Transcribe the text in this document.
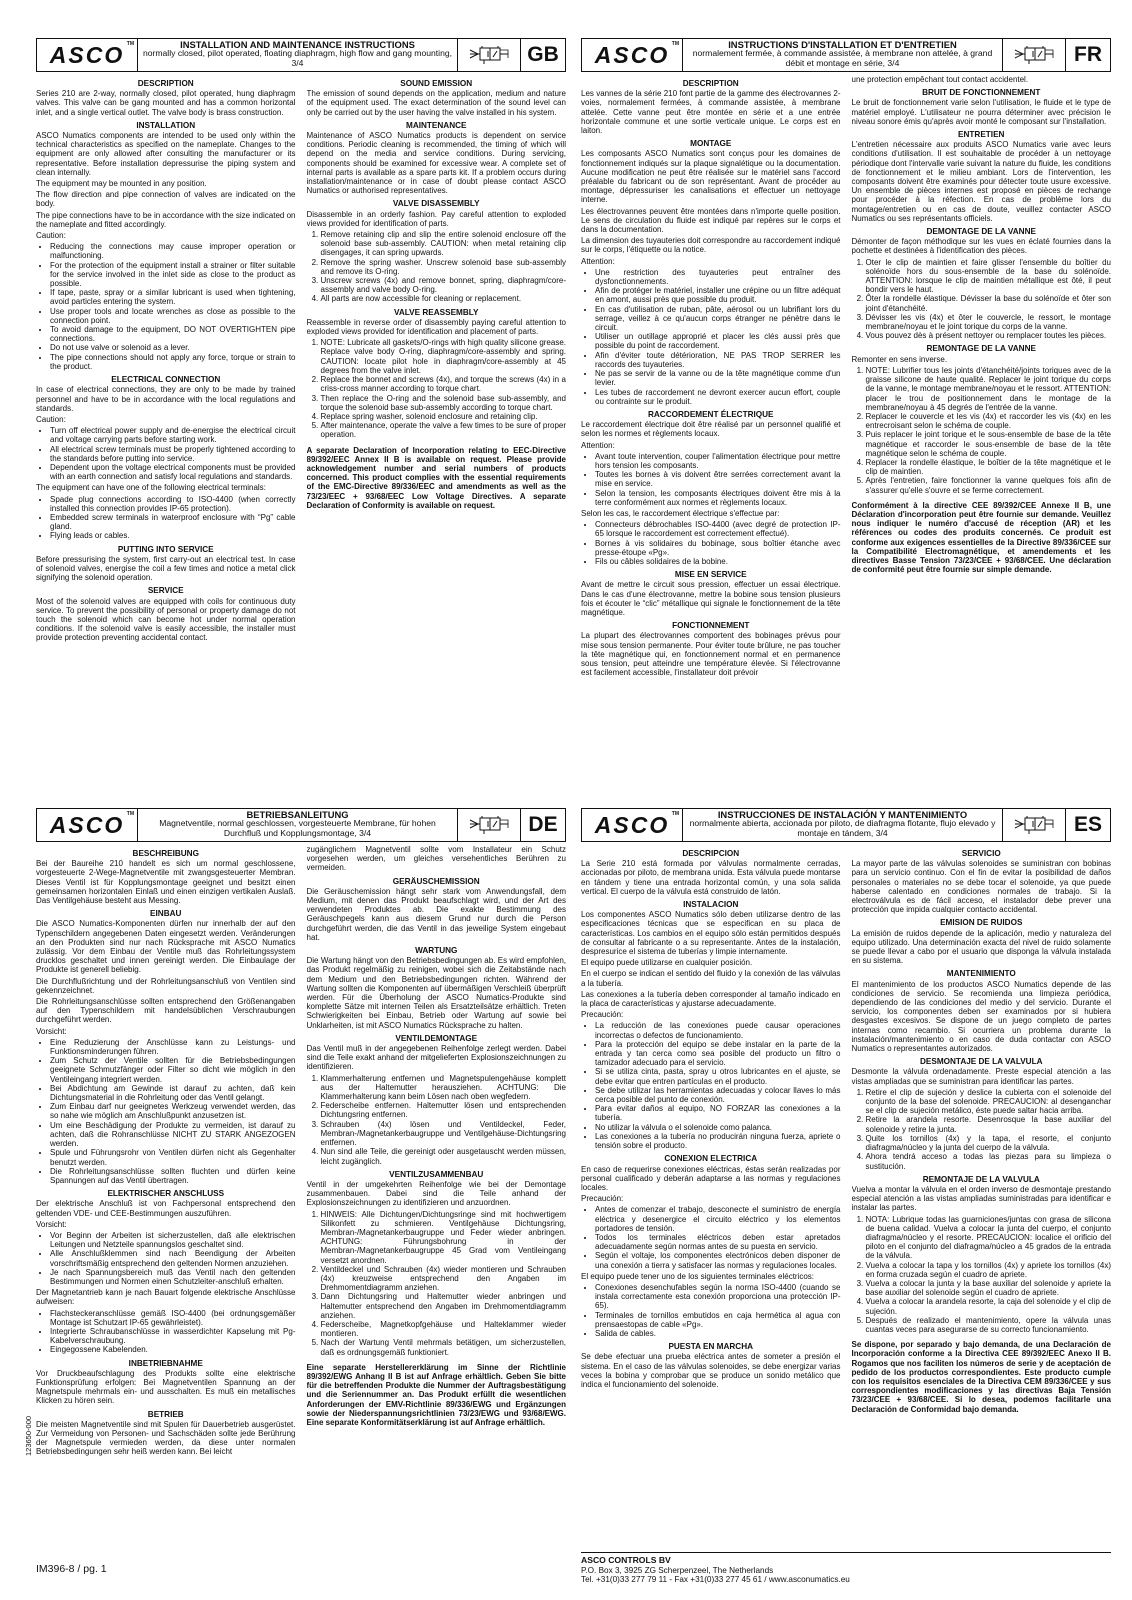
ASCO TM	INSTALLATION AND MAINTENANCE INSTRUCTIONS
normally closed, pilot operated, floating diaphragm, high flow and gang mounting, 3/4	GB
DESCRIPTION

Series 210 are 2-way, normally closed, pilot operated, hung diaphragm valves. This valve can be gang mounted and has a common horizontal inlet, and a single vertical outlet. The valve body is brass construction.

INSTALLATION

ASCO Numatics components are intended to be used only within the technical characteristics as specified on the nameplate. Changes to the equipment are only allowed after consulting the manufacturer or its representative. Before installation depressurise the piping system and clean internally.

The equipment may be mounted in any position.

The flow direction and pipe connection of valves are indicated on the body.

The pipe connections have to be in accordance with the size indicated on the nameplate and fitted accordingly.

Caution:

• Reducing the connections may cause improper operation or malfunctioning.
• For the protection of the equipment install a strainer or filter suitable for the service involved in the inlet side as close to the product as possible.
• If tape, paste, spray or a similar lubricant is used when tightening, avoid particles entering the system.
• Use proper tools and locate wrenches as close as possible to the connection point.
• To avoid damage to the equipment, DO NOT OVERTIGHTEN pipe connections.
• Do not use valve or solenoid as a lever.
• The pipe connections should not apply any force, torque or strain to the product.
ELECTRICAL CONNECTION

In case of electrical connections, they are only to be made by trained personnel and have to be in accordance with the local regulations and standards.

Caution:

• Turn off electrical power supply and de-energise the electrical circuit and voltage carrying parts before starting work.
• All electrical screw terminals must be properly tightened according to the standards before putting into service.
• Dependent upon the voltage electrical components must be provided with an earth connection and satisfy local regulations and standards.

The equipment can have one of the following electrical terminals:

• Spade plug connections according to ISO-4400 (when correctly installed this connection provides IP-65 protection).
• Embedded screw terminals in waterproof enclosure with “Pg” cable gland.
• Flying leads or cables.
PUTTING INTO SERVICE

Before pressurising the system, first carry-out an electrical test. In case of solenoid valves, energise the coil a few times and notice a metal click signifying the solenoid operation.

SERVICE

Most of the solenoid valves are equipped with coils for continuous duty service. To prevent the possibility of personal or property damage do not touch the solenoid which can become hot under normal operation conditions. If the solenoid valve is easily accessible, the installer must provide protection preventing accidental contact.

SOUND EMISSION

The emission of sound depends on the application, medium and nature of the equipment used. The exact determination of the sound level can only be carried out by the user having the valve installed in his system.

MAINTENANCE

Maintenance of ASCO Numatics products is dependent on service conditions. Periodic cleaning is recommended, the timing of which will depend on the media and service conditions. During servicing, components should be examined for excessive wear. A complete set of internal parts is available as a spare parts kit. If a problem occurs during installation/maintenance or in case of doubt please contact ASCO Numatics or authorised representatives.

VALVE DISASSEMBLY

Disassemble in an orderly fashion. Pay careful attention to exploded views provided for identification of parts.

1. Remove retaining clip and slip the entire solenoid enclosure off the solenoid base sub-assembly. CAUTION: when metal retaining clip disengages, it can spring upwards.
2. Remove the spring washer. Unscrew solenoid base sub-assembly and remove its O-ring.
3. Unscrew screws (4x) and remove bonnet, spring, diaphragm/core-assembly and valve body O-ring.
4. All parts are now accessible for cleaning or replacement.
VALVE REASSEMBLY

Reassemble in reverse order of disassembly paying careful attention to exploded views provided for identification and placement of parts.

1. NOTE: Lubricate all gaskets/O-rings with high quality silicone grease. Replace valve body O-ring, diaphragm/core-assembly and spring. CAUTION: locate pilot hole in diaphragm/core-assembly at 45 degrees from the valve inlet.
2. Replace the bonnet and screws (4x), and torque the screws (4x) in a criss-cross manner according to torque chart.
3. Then replace the O-ring and the solenoid base sub-assembly, and torque the solenoid base sub-assembly according to torque chart.
4. Replace spring washer, solenoid enclosure and retaining clip.
5. After maintenance, operate the valve a few times to be sure of proper operation.
A separate Declaration of Incorporation relating to EEC-Directive 89/392/EEC Annex II B is available on request. Please provide acknowledgement number and serial numbers of products concerned. This product complies with the essential requirements of the EMC-Directive 89/336/EEC and amendments as well as the 73/23/EEC + 93/68/EEC Low Voltage Directives. A separate Declaration of Conformity is available on request.
ASCO TM	INSTRUCTIONS D'INSTALLATION ET D'ENTRETIEN
normalement fermée, à commande assistée, à membrane non attelée, à grand débit et montage en série, 3/4	FR
DESCRIPTION

Les vannes de la série 210 font partie de la gamme des électrovannes 2-voies, normalement fermées, à commande assistée, à membrane attelée. Cette vanne peut être montée en série et a une entrée horizontale commune et une sortie verticale unique. Le corps est en laiton.

MONTAGE

Les composants ASCO Numatics sont conçus pour les domaines de fonctionnement indiqués sur la plaque signalétique ou la documentation. Aucune modification ne peut être réalisée sur le matériel sans l'accord préalable du fabricant ou de son représentant. Avant de procéder au montage, dépressuriser les canalisations et effectuer un nettoyage interne.

Les électrovannes peuvent être montées dans n'importe quelle position. Le sens de circulation du fluide est indiqué par repères sur le corps et dans la documentation.

La dimension des tuyauteries doit correspondre au raccordement indiqué sur le corps, l'étiquette ou la notice.

Attention:

• Une restriction des tuyauteries peut entraîner des dysfonctionnements.
• Afin de protéger le matériel, installer une crépine ou un filtre adéquat en amont, aussi près que possible du produit.
• En cas d'utilisation de ruban, pâte, aérosol ou un lubrifiant lors du serrage, veillez à ce qu'aucun corps étranger ne pénètre dans le circuit.
• Utiliser un outillage approprié et placer les clés aussi près que possible du point de raccordement.
• Afin d'éviter toute détérioration, NE PAS TROP SERRER les raccords des tuyauteries.
• Ne pas se servir de la vanne ou de la tête magnétique comme d'un levier.
• Les tubes de raccordement ne devront exercer aucun effort, couple ou contrainte sur le produit.
RACCORDEMENT ÉLECTRIQUE

Le raccordement électrique doit être réalisé par un personnel qualifié et selon les normes et règlements locaux.

Attention:

• Avant toute intervention, couper l'alimentation électrique pour mettre hors tension les composants.
• Toutes les bornes à vis doivent être serrées correctement avant la mise en service.
• Selon la tension, les composants électriques doivent être mis à la terre conformément aux normes et règlements locaux.

Selon les cas, le raccordement électrique s'effectue par:

• Connecteurs débrochables ISO-4400 (avec degré de protection IP-65 lorsque le raccordement est correctement effectué).
• Bornes à vis solidaires du bobinage, sous boîtier étanche avec presse-étoupe «Pg».
• Fils ou câbles solidaires de la bobine.
MISE EN SERVICE

Avant de mettre le circuit sous pression, effectuer un essai électrique. Dans le cas d'une électrovanne, mettre la bobine sous tension plusieurs fois et écouter le “clic” métallique qui signale le fonctionnement de la tête magnétique.

FONCTIONNEMENT

La plupart des électrovannes comportent des bobinages prévus pour mise sous tension permanente. Pour éviter toute brûlure, ne pas toucher la tête magnétique qui, en fonctionnement normal et en permanence sous tension, peut atteindre une température élevée. Si l'électrovanne est facilement accessible, l'installateur doit prévoir

une protection empêchant tout contact accidentel.

BRUIT DE FONCTIONNEMENT

Le bruit de fonctionnement varie selon l'utilisation, le fluide et le type de matériel employé. L'utilisateur ne pourra déterminer avec précision le niveau sonore émis qu'après avoir monté le composant sur l'installation.

ENTRETIEN

L'entretien nécessaire aux produits ASCO Numatics varie avec leurs conditions d'utilisation. Il est souhaitable de procéder à un nettoyage périodique dont l'intervalle varie suivant la nature du fluide, les conditions de fonctionnement et le milieu ambiant. Lors de l'intervention, les composants doivent être examinés pour détecter toute usure excessive. Un ensemble de pièces internes est proposé en pièces de rechange pour procéder à la réfection. En cas de problème lors du montage/entretien ou en cas de doute, veuillez contacter ASCO Numatics ou ses représentants officiels.

DEMONTAGE DE LA VANNE

Démonter de façon méthodique sur les vues en éclaté fournies dans la pochette et destinées à l'identification des pièces.

1. Oter le clip de maintien et faire glisser l'ensemble du boîtier du solénoïde hors du sous-ensemble de la base du solénoïde. ATTENTION: lorsque le clip de maintien métallique est ôté, il peut bondir vers le haut.
2. Ôter la rondelle élastique. Dévisser la base du solénoïde et ôter son joint d'étanchéité.
3. Dévisser les vis (4x) et ôter le couvercle, le ressort, le montage membrane/noyau et le joint torique du corps de la vanne.
4. Vous pouvez dès à présent nettoyer ou remplacer toutes les pièces.
REMONTAGE DE LA VANNE

Remonter en sens inverse.

1. NOTE: Lubrifier tous les joints d'étanchéité/joints toriques avec de la graisse silicone de haute qualité. Replacer le joint torique du corps de la vanne, le montage membrane/noyau et le ressort. ATTENTION: placer le trou de positionnement dans le montage de la membrane/noyau à 45 degrés de l'entrée de la vanne.
2. Replacer le couvercle et les vis (4x) et raccorder les vis (4x) en les entrecroisant selon le schéma de couple.
3. Puis replacer le joint torique et le sous-ensemble de base de la tête magnétique et raccorder le sous-ensemble de base de la tête magnétique selon le schéma de couple.
4. Replacer la rondelle élastique, le boîtier de la tête magnétique et le clip de maintien.
5. Après l'entretien, faire fonctionner la vanne quelques fois afin de s'assurer qu'elle s'ouvre et se ferme correctement.
Conformément à la directive CEE 89/392/CEE Annexe II B, une Déclaration d'incorporation peut être fournie sur demande. Veuillez nous indiquer le numéro d'accusé de réception (AR) et les références ou codes des produits concernés. Ce produit est conforme aux exigences essentielles de la Directive 89/336/CEE sur la Compatibilité Electromagnétique, et amendements et les directives Basse Tension 73/23/CEE + 93/68/CEE. Une déclaration de conformité peut être fournie sur simple demande.
ASCO TM	BETRIEBSANLEITUNG
Magnetventile, normal geschlossen, vorgesteuerte Membrane, für hohen Durchfluß und Kopplungsmontage, 3/4	DE
BESCHREIBUNG

Bei der Baureihe 210 handelt es sich um normal geschlossene, vorgesteuerte 2-Wege-Magnetventile mit zwangsgesteuerter Membran. Dieses Ventil ist für Kopplungsmontage geeignet und besitzt einen gemeinsamen horizontalen Einlaß und einen einzigen vertikalen Auslaß. Das Ventilgehäuse besteht aus Messing.

EINBAU

Die ASCO Numatics-Komponenten dürfen nur innerhalb der auf den Typenschildern angegebenen Daten eingesetzt werden. Veränderungen an den Produkten sind nur nach Rücksprache mit ASCO Numatics zulässig. Vor dem Einbau der Ventile muß das Rohrleitungssystem drucklos geschaltet und innen gereinigt werden. Die Einbaulage der Produkte ist generell beliebig.

Die Durchflußrichtung und der Rohrleitungsanschluß von Ventilen sind gekennzeichnet.

Die Rohrleitungsanschlüsse sollten entsprechend den Größenangaben auf den Typenschildern mit handelsüblichen Verschraubungen durchgeführt werden.

Vorsicht:

• Eine Reduzierung der Anschlüsse kann zu Leistungs- und Funktionsminderungen führen.
• Zum Schutz der Ventile sollten für die Betriebsbedingungen geeignete Schmutzfänger oder Filter so dicht wie möglich in den Ventileingang integriert werden.
• Bei Abdichtung am Gewinde ist darauf zu achten, daß kein Dichtungsmaterial in die Rohrleitung oder das Ventil gelangt.
• Zum Einbau darf nur geeignetes Werkzeug verwendet werden, das so nahe wie möglich am Anschlußpunkt anzusetzen ist.
• Um eine Beschädigung der Produkte zu vermeiden, ist darauf zu achten, daß die Rohranschlüsse NICHT ZU STARK ANGEZOGEN werden.
• Spule und Führungsrohr von Ventilen dürfen nicht als Gegenhalter benutzt werden.
• Die Rohrleitungsanschlüsse sollten fluchten und dürfen keine Spannungen auf das Ventil übertragen.
ELEKTRISCHER ANSCHLUSS

Der elektrische Anschluß ist von Fachpersonal entsprechend den geltenden VDE- und CEE-Bestimmungen auszuführen.

Vorsicht:

• Vor Beginn der Arbeiten ist sicherzustellen, daß alle elektrischen Leitungen und Netzteile spannungslos geschaltet sind.
• Alle Anschlußklemmen sind nach Beendigung der Arbeiten vorschriftsmäßig entsprechend den geltenden Normen anzuziehen.
• Je nach Spannungsbereich muß das Ventil nach den geltenden Bestimmungen und Normen einen Schutzleiter-anschluß erhalten.

Der Magnetantrieb kann je nach Bauart folgende elektrische Anschlüsse aufweisen:

• Flachsteckeranschlüsse gemäß ISO-4400 (bei ordnungsgemäßer Montage ist Schutzart IP-65 gewährleistet).
• Integrierte Schraubanschlüsse in wasserdichter Kapselung mit Pg-Kabelverschraubung.
• Eingegossene Kabelenden.
INBETRIEBNAHME

Vor Druckbeaufschlagung des Produkts sollte eine elektrische Funktionsprüfung erfolgen: Bei Magnetventilen Spannung an der Magnetspule mehrmals ein- und ausschalten. Es muß ein metallisches Klicken zu hören sein.

BETRIEB

Die meisten Magnetventile sind mit Spulen für Dauerbetrieb ausgerüstet. Zur Vermeidung von Personen- und Sachschäden sollte jede Berührung der Magnetspule vermieden werden, da diese unter normalen Betriebsbedingungen sehr heiß werden kann. Bei leicht

zugänglichem Magnetventil sollte vom Installateur ein Schutz vorgesehen werden, um gleiches versehentliches Berühren zu vermeiden.

GERÄUSCHEMISSION

Die Geräuschemission hängt sehr stark vom Anwendungsfall, dem Medium, mit denen das Produkt beaufschlagt wird, und der Art des verwendeten Produktes ab. Die exakte Bestimmung des Geräuschpegels kann aus diesem Grund nur durch die Person durchgeführt werden, die das Ventil in das jeweilige System eingebaut hat.

WARTUNG

Die Wartung hängt von den Betriebsbedingungen ab. Es wird empfohlen, das Produkt regelmäßig zu reinigen, wobei sich die Zeitabstände nach dem Medium und den Betriebsbedingungen richten. Während der Wartung sollten die Komponenten auf übermäßigen Verschleiß überprüft werden. Für die Überholung der ASCO Numatics-Produkte sind komplette Sätze mit internen Teilen als Ersatzteilsätze erhältlich. Treten Schwierigkeiten bei Einbau, Betrieb oder Wartung auf sowie bei Unklarheiten, ist mit ASCO Numatics Rücksprache zu halten.

VENTILDEMONTAGE

Das Ventil muß in der angegebenen Reihenfolge zerlegt werden. Dabei sind die Teile exakt anhand der mitgelieferten Explosionszeichnungen zu identifizieren.

1. Klammerhalterung entfernen und Magnetspulengehäuse komplett aus der Haltemutter herausziehen. ACHTUNG: Die Klammerhalterung kann beim Lösen nach oben wegfedern.
2. Federscheibe entfernen. Haltemutter lösen und entsprechenden Dichtungsring entfernen.
3. Schrauben (4x) lösen und Ventildeckel, Feder, Membran-/Magnetankerbaugruppe und Ventilgehäuse-Dichtungsring entfernen.
4. Nun sind alle Teile, die gereinigt oder ausgetauscht werden müssen, leicht zugänglich.
VENTILZUSAMMENBAU

Ventil in der umgekehrten Reihenfolge wie bei der Demontage zusammenbauen. Dabei sind die Teile anhand der Explosionszeichnungen zu identifizieren und anzuordnen.

1. HINWEIS: Alle Dichtungen/Dichtungsringe sind mit hochwertigem Silikonfett zu schmieren. Ventilgehäuse Dichtungsring, Membran-/Magnetankerbaugruppe und Feder wieder anbringen. ACHTUNG: Führungsbohrung in der Membran-/Magnetankerbaugruppe 45 Grad vom Ventileingang versetzt anordnen.
2. Ventildeckel und Schrauben (4x) wieder montieren und Schrauben (4x) kreuzweise entsprechend den Angaben im Drehmomentdiagramm anziehen.
3. Dann Dichtungsring und Haltemutter wieder anbringen und Haltemutter entsprechend den Angaben im Drehmomentdiagramm anziehen.
4. Federscheibe, Magnetkopfgehäuse und Halteklammer wieder montieren.
5. Nach der Wartung Ventil mehrmals betätigen, um sicherzustellen, daß es ordnungsgemäß funktioniert.
Eine separate Herstellererklärung im Sinne der Richtlinie 89/392/EWG Anhang II B ist auf Anfrage erhältlich. Geben Sie bitte für die betreffenden Produkte die Nummer der Auftragsbestätigung und die Seriennummer an. Das Produkt erfüllt die wesentlichen Anforderungen der EMV-Richtlinie 89/336/EWG und Ergänzungen sowie der Niederspannungsrichtlinien 73/23/EWG und 93/68/EWG. Eine separate Konformitätserklärung ist auf Anfrage erhältlich.
ASCO TM	INSTRUCCIONES DE INSTALACIÓN Y MANTENIMIENTO
normalmente abierta, accionada por piloto, de diafragma flotante, flujo elevado y montaje en tándem, 3/4	ES
DESCRIPCION

La Serie 210 está formada por válvulas normalmente cerradas, accionadas por piloto, de membrana unida. Esta válvula puede montarse en tándem y tiene una entrada horizontal común, y una sola salida vertical. El cuerpo de la válvula está construido de latón.

INSTALACION

Los componentes ASCO Numatics sólo deben utilizarse dentro de las especificaciones técnicas que se especifican en su placa de características. Los cambios en el equipo sólo están permitidos después de consultar al fabricante o a su representante. Antes de la instalación, despresurice el sistema de tuberías y limpie internamente.

El equipo puede utilizarse en cualquier posición.

En el cuerpo se indican el sentido del fluido y la conexión de las válvulas a la tubería.

Las conexiones a la tubería deben corresponder al tamaño indicado en la placa de características y ajustarse adecuadamente.

Precaución:

• La reducción de las conexiones puede causar operaciones incorrectas o defectos de funcionamiento.
• Para la protección del equipo se debe instalar en la parte de la entrada y tan cerca como sea posible del producto un filtro o tamizador adecuado para el servicio.
• Si se utiliza cinta, pasta, spray u otros lubricantes en el ajuste, se debe evitar que entren partículas en el producto.
• Se debe utilizar las herramientas adecuadas y colocar llaves lo más cerca posible del punto de conexión.
• Para evitar daños al equipo, NO FORZAR las conexiones a la tubería.
• No utilizar la válvula o el solenoide como palanca.
• Las conexiones a la tubería no producirán ninguna fuerza, apriete o tensión sobre el producto.
CONEXION ELECTRICA

En caso de requerirse conexiones eléctricas, éstas serán realizadas por personal cualificado y deberán adaptarse a las normas y regulaciones locales.

Precaución:

• Antes de comenzar el trabajo, desconecte el suministro de energía eléctrica y desenergice el circuito eléctrico y los elementos portadores de tensión.
• Todos los terminales eléctricos deben estar apretados adecuadamente según normas antes de su puesta en servicio.
• Según el voltaje, los componentes electrónicos deben disponer de una conexión a tierra y satisfacer las normas y regulaciones locales.

El equipo puede tener uno de los siguientes terminales eléctricos:

• Conexiones desenchufables según la norma ISO-4400 (cuando se instala correctamente esta conexión proporciona una protección IP-65).
• Terminales de tornillos embutidos en caja hermética al agua con prensaestopas de cable «Pg».
• Salida de cables.
PUESTA EN MARCHA

Se debe efectuar una prueba eléctrica antes de someter a presión el sistema. En el caso de las válvulas solenoides, se debe energizar varias veces la bobina y comprobar que se produce un sonido metálico que indica el funcionamiento del solenoide.

SERVICIO

La mayor parte de las válvulas solenoides se suministran con bobinas para un servicio continuo. Con el fin de evitar la posibilidad de daños personales o materiales no se debe tocar el solenoide, ya que puede haberse calentado en condiciones normales de trabajo. Si la electroválvula es de fácil acceso, el instalador debe prever una protección que impida cualquier contacto accidental.

EMISION DE RUIDOS

La emisión de ruidos depende de la aplicación, medio y naturaleza del equipo utilizado. Una determinación exacta del nivel de ruido solamente se puede llevar a cabo por el usuario que disponga la válvula instalada en su sistema.

MANTENIMIENTO

El mantenimiento de los productos ASCO Numatics depende de las condiciones de servicio. Se recomienda una limpieza periódica, dependiendo de las condiciones del medio y del servicio. Durante el servicio, los componentes deben ser examinados por si hubiera desgastes excesivos. Se dispone de un juego completo de partes internas como recambio. Si ocurriera un problema durante la instalación/mantenimiento o en caso de duda contactar con ASCO Numatics o representantes autorizados.

DESMONTAJE DE LA VALVULA

Desmonte la válvula ordenadamente. Preste especial atención a las vistas ampliadas que se suministran para identificar las partes.

1. Retire el clip de sujeción y deslice la cubierta con el solenoide del conjunto de la base del solenoide. PRECAUCION: al desenganchar se el clip de sujeción metálico, éste puede saltar hacia arriba.
2. Retire la arandela resorte. Desenrosque la base auxiliar del solenoide y retire la junta.
3. Quite los tornillos (4x) y la tapa, el resorte, el conjunto diafragma/núcleo y la junta del cuerpo de la válvula.
4. Ahora tendrá acceso a todas las piezas para su limpieza o sustitución.
REMONTAJE DE LA VALVULA

Vuelva a montar la válvula en el orden inverso de desmontaje prestando especial atención a las vistas ampliadas suministradas para identificar e instalar las partes.

1. NOTA: Lubrique todas las guarniciones/juntas con grasa de silicona de buena calidad. Vuelva a colocar la junta del cuerpo, el conjunto diafragma/núcleo y el resorte. PRECAUCION: localice el orificio del piloto en el conjunto del diafragma/núcleo a 45 grados de la entrada de la válvula.
2. Vuelva a colocar la tapa y los tornillos (4x) y apriete los tornillos (4x) en forma cruzada según el cuadro de apriete.
3. Vuelva a colocar la junta y la base auxiliar del solenoide y apriete la base auxiliar del solenoide según el cuadro de apriete.
4. Vuelva a colocar la arandela resorte, la caja del solenoide y el clip de sujeción.
5. Después de realizado el mantenimiento, opere la válvula unas cuantas veces para asegurarse de su correcto funcionamiento.
Se dispone, por separado y bajo demanda, de una Declaración de Incorporación conforme a la Directiva CEE 89/392/EEC Anexo II B. Rogamos que nos faciliten los números de serie y de aceptación de pedido de los productos correspondientes. Este producto cumple con los requisitos esenciales de la Directiva CEM 89/336/CEE y sus correspondientes modificaciones y las directivas Baja Tensión 73/23/CEE + 93/68/CEE. Si lo desea, podemos facilitarle una Declaración de Conformidad bajo demanda.
123650-000
IM396-8 / pg. 1
ASCO CONTROLS BV
P.O. Box 3, 3925 ZG Scherpenzeel, The Netherlands
Tel. +31(0)33 277 79 11 - Fax +31(0)33 277 45 61 / www.asconumatics.eu
